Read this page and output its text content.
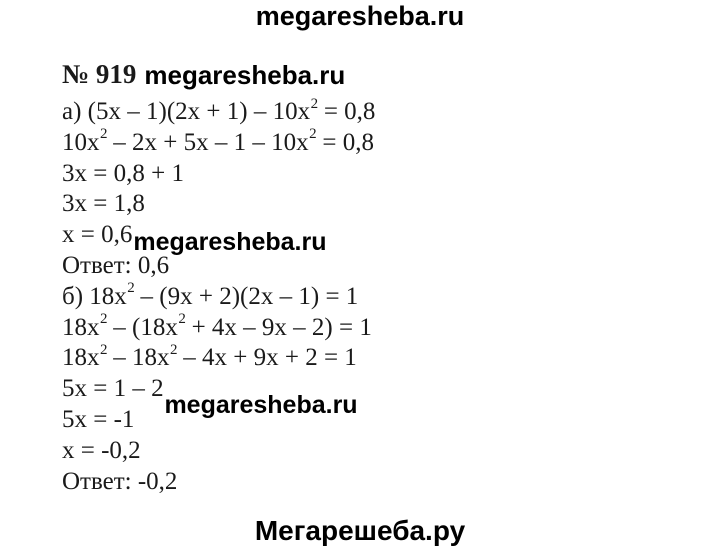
megaresheba.ru
№ 919 megaresheba.ru
а) $(5x - 1)(2x + 1) - 10x^2 = 0,8$
$10x^2 - 2x + 5x - 1 - 10x^2 = 0,8$
3x = 0,8 + 1
3x = 1,8
x = 0,6megaresheba.ru
Ответ: 0,6
б) $18x^2 - (9x + 2)(2x - 1) = 1$
$18x^2 - (18x^2 + 4x - 9x - 2) = 1$
$18x^2 - 18x^2 - 4x + 9x + 2 = 1$
5x = 1 – 2
5x = -1megaresheba.ru
x = -0,2
Ответ: -0,2
Мегарешеба.ру
